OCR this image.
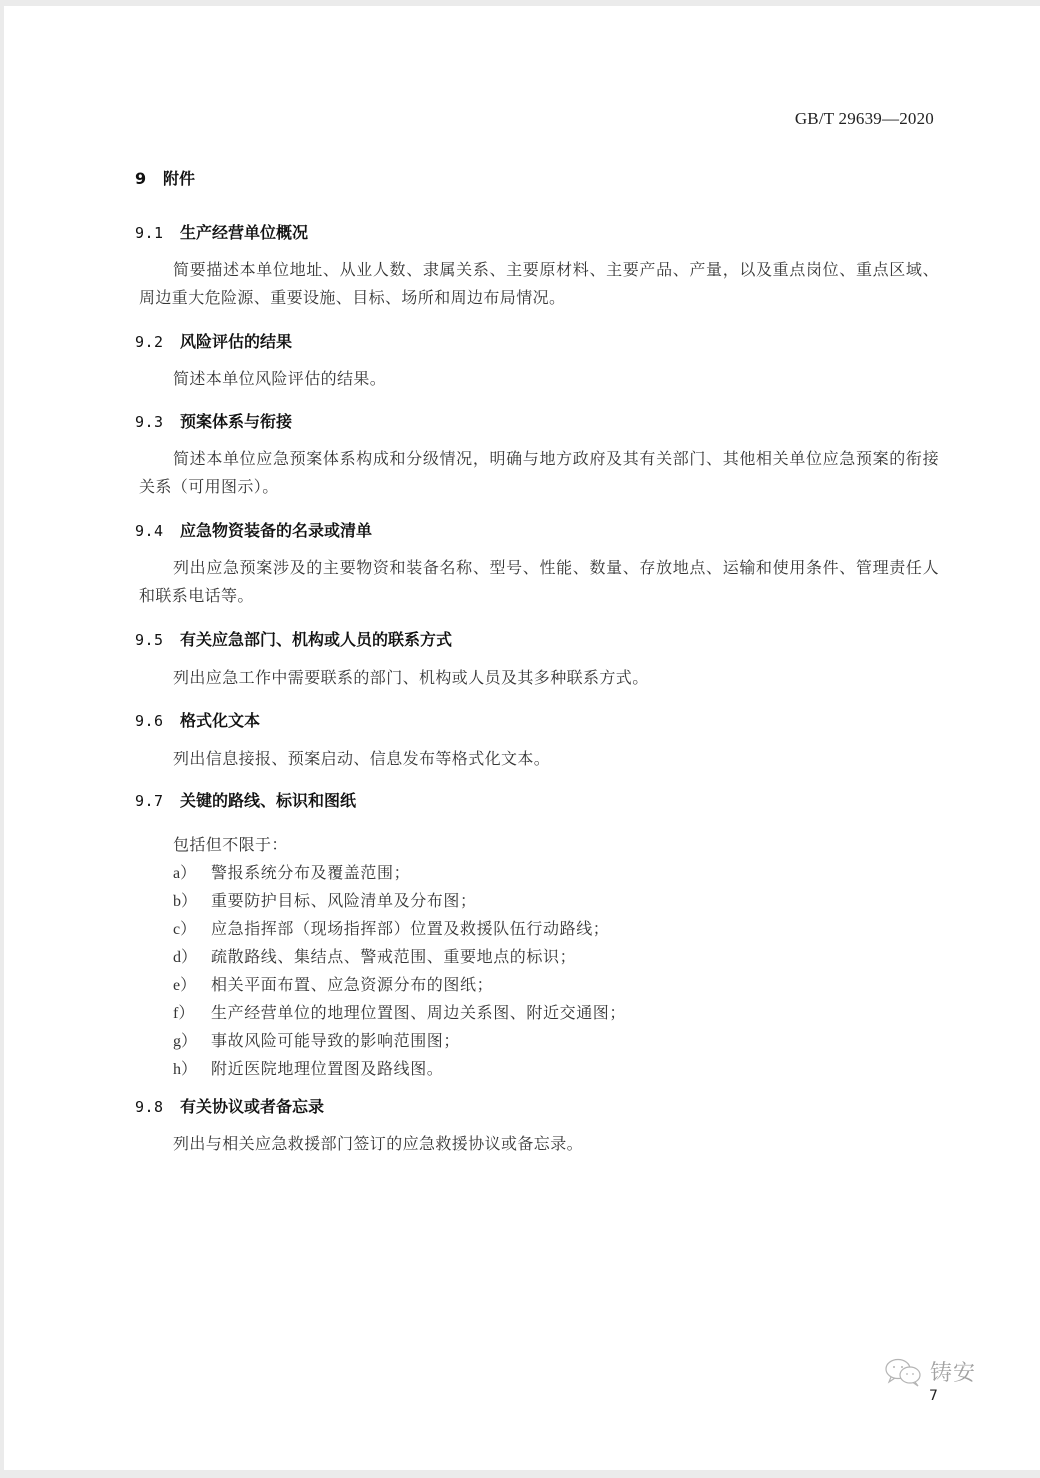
GB/T 29639—2020
9 附件
9.1 生产经营单位概况
简要描述本单位地址、从业人数、隶属关系、主要原材料、主要产品、产量，以及重点岗位、重点区域、周边重大危险源、重要设施、目标、场所和周边布局情况。
9.2 风险评估的结果
简述本单位风险评估的结果。
9.3 预案体系与衔接
简述本单位应急预案体系构成和分级情况，明确与地方政府及其有关部门、其他相关单位应急预案的衔接关系（可用图示）。
9.4 应急物资装备的名录或清单
列出应急预案涉及的主要物资和装备名称、型号、性能、数量、存放地点、运输和使用条件、管理责任人和联系电话等。
9.5 有关应急部门、机构或人员的联系方式
列出应急工作中需要联系的部门、机构或人员及其多种联系方式。
9.6 格式化文本
列出信息接报、预案启动、信息发布等格式化文本。
9.7 关键的路线、标识和图纸
包括但不限于：
a） 警报系统分布及覆盖范围；
b） 重要防护目标、风险清单及分布图；
c） 应急指挥部（现场指挥部）位置及救援队伍行动路线；
d） 疏散路线、集结点、警戒范围、重要地点的标识；
e） 相关平面布置、应急资源分布的图纸；
f） 生产经营单位的地理位置图、周边关系图、附近交通图；
g） 事故风险可能导致的影响范围图；
h） 附近医院地理位置图及路线图。
9.8 有关协议或者备忘录
列出与相关应急救援部门签订的应急救援协议或备忘录。
铸安
7
